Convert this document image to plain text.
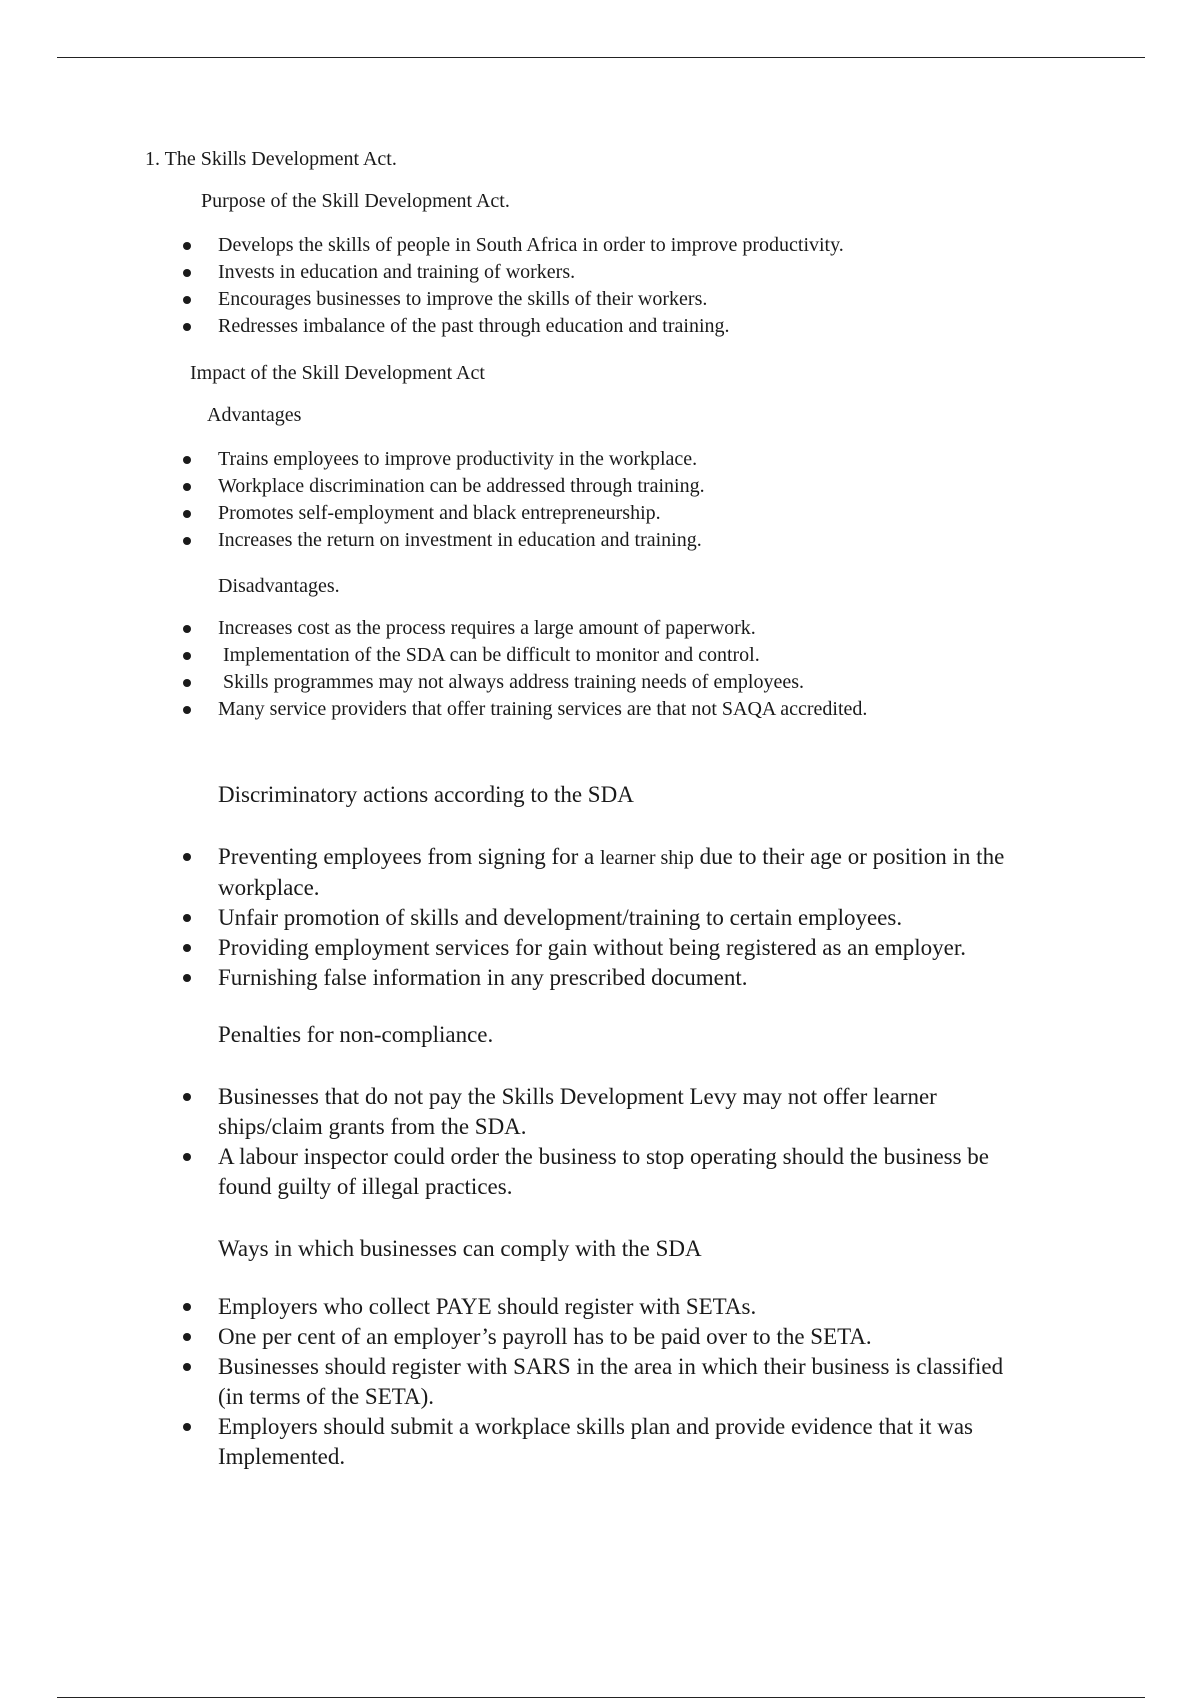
1. The Skills Development Act.
Purpose of the Skill Development Act.
Develops the skills of people in South Africa in order to improve productivity.
Invests in education and training of workers.
Encourages businesses to improve the skills of their workers.
Redresses imbalance of the past through education and training.
Impact of the Skill Development Act
Advantages
Trains employees to improve productivity in the workplace.
Workplace discrimination can be addressed through training.
Promotes self-employment and black entrepreneurship.
Increases the return on investment in education and training.
Disadvantages.
Increases cost as the process requires a large amount of paperwork.
Implementation of the SDA can be difficult to monitor and control.
Skills programmes may not always address training needs of employees.
Many service providers that offer training services are that not SAQA accredited.
Discriminatory actions according to the SDA
Preventing employees from signing for a learner ship due to their age or position in the
workplace.
Unfair promotion of skills and development/training to certain employees.
Providing employment services for gain without being registered as an employer.
Furnishing false information in any prescribed document.
Penalties for non-compliance.
Businesses that do not pay the Skills Development Levy may not offer learner
ships/claim grants from the SDA.
A labour inspector could order the business to stop operating should the business be
found guilty of illegal practices.
Ways in which businesses can comply with the SDA
Employers who collect PAYE should register with SETAs.
One per cent of an employer’s payroll has to be paid over to the SETA.
Businesses should register with SARS in the area in which their business is classified
(in terms of the SETA).
Employers should submit a workplace skills plan and provide evidence that it was
Implemented.
